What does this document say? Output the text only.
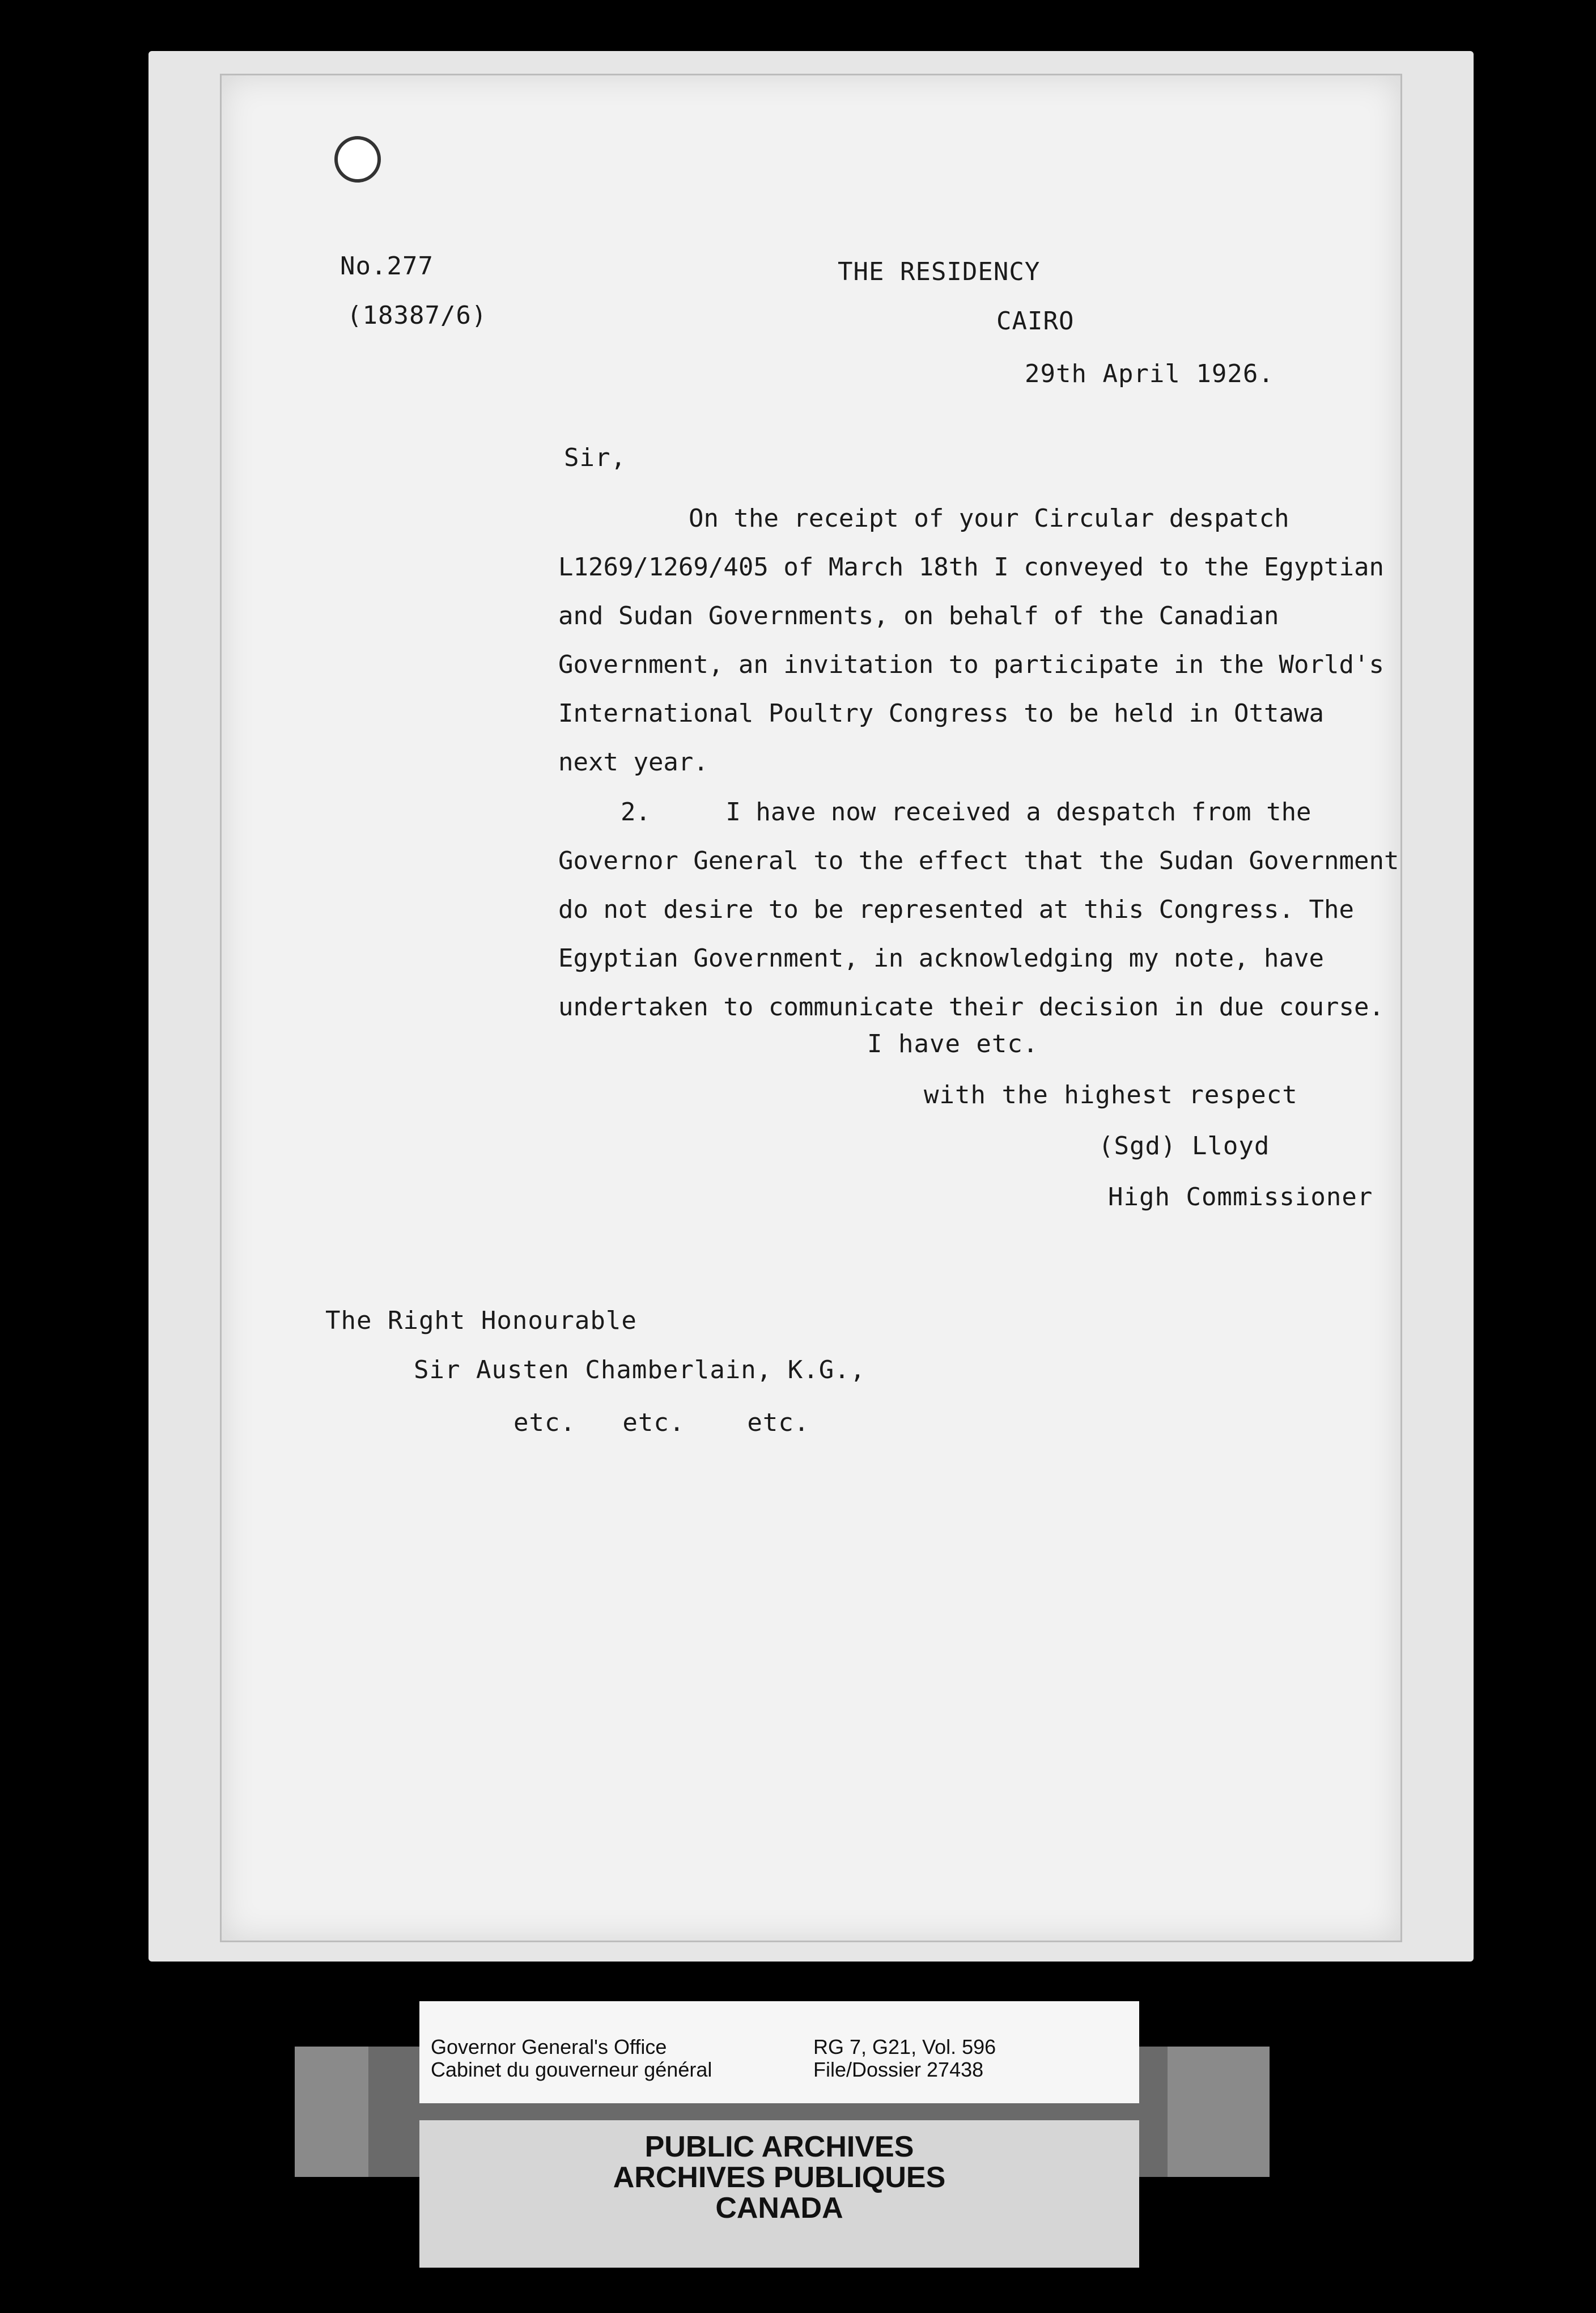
No.277
(18387/6)
THE RESIDENCY
CAIRO
29th April 1926.
Sir,
On the receipt of your Circular despatch
L1269/1269/405 of March 18th I conveyed to the Egyptian
and Sudan Governments, on behalf of the Canadian
Government, an invitation to participate in the World's
International Poultry Congress to be held in Ottawa
next year.
2.     I have now received a despatch from the
Governor General to the effect that the Sudan Government
do not desire to be represented at this Congress. The
Egyptian Government, in acknowledging my note, have
undertaken to communicate their decision in due course.
I have etc.
with the highest respect
(Sgd) Lloyd
High Commissioner
The Right Honourable
Sir Austen Chamberlain, K.G.,
etc.   etc.    etc.
Governor General's Office
Cabinet du gouverneur général
RG 7, G21, Vol. 596
File/Dossier 27438
PUBLIC ARCHIVES
ARCHIVES PUBLIQUES
CANADA
